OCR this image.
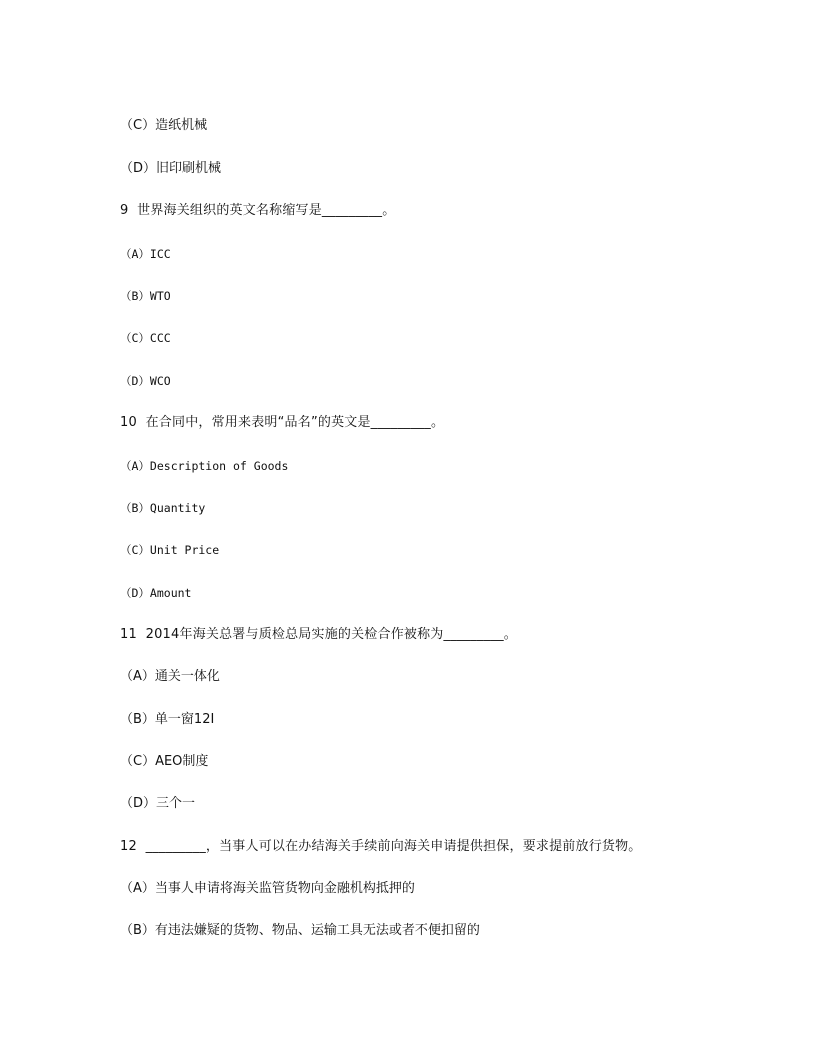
（C）造纸机械
（D）旧印刷机械
9  世界海关组织的英文名称缩写是_________。
（A）ICC
（B）WTO
（C）CCC
（D）WCO
10  在合同中，常用来表明“品名”的英文是_________。
（A）Description of Goods
（B）Quantity
（C）Unit Price
（D）Amount
11  2014年海关总署与质检总局实施的关检合作被称为_________。
（A）通关一体化
（B）单一窗12I
（C）AEO制度
（D）三个一
12  _________，当事人可以在办结海关手续前向海关申请提供担保，要求提前放行货物。
（A）当事人申请将海关监管货物向金融机构抵押的
（B）有违法嫌疑的货物、物品、运输工具无法或者不便扣留的
